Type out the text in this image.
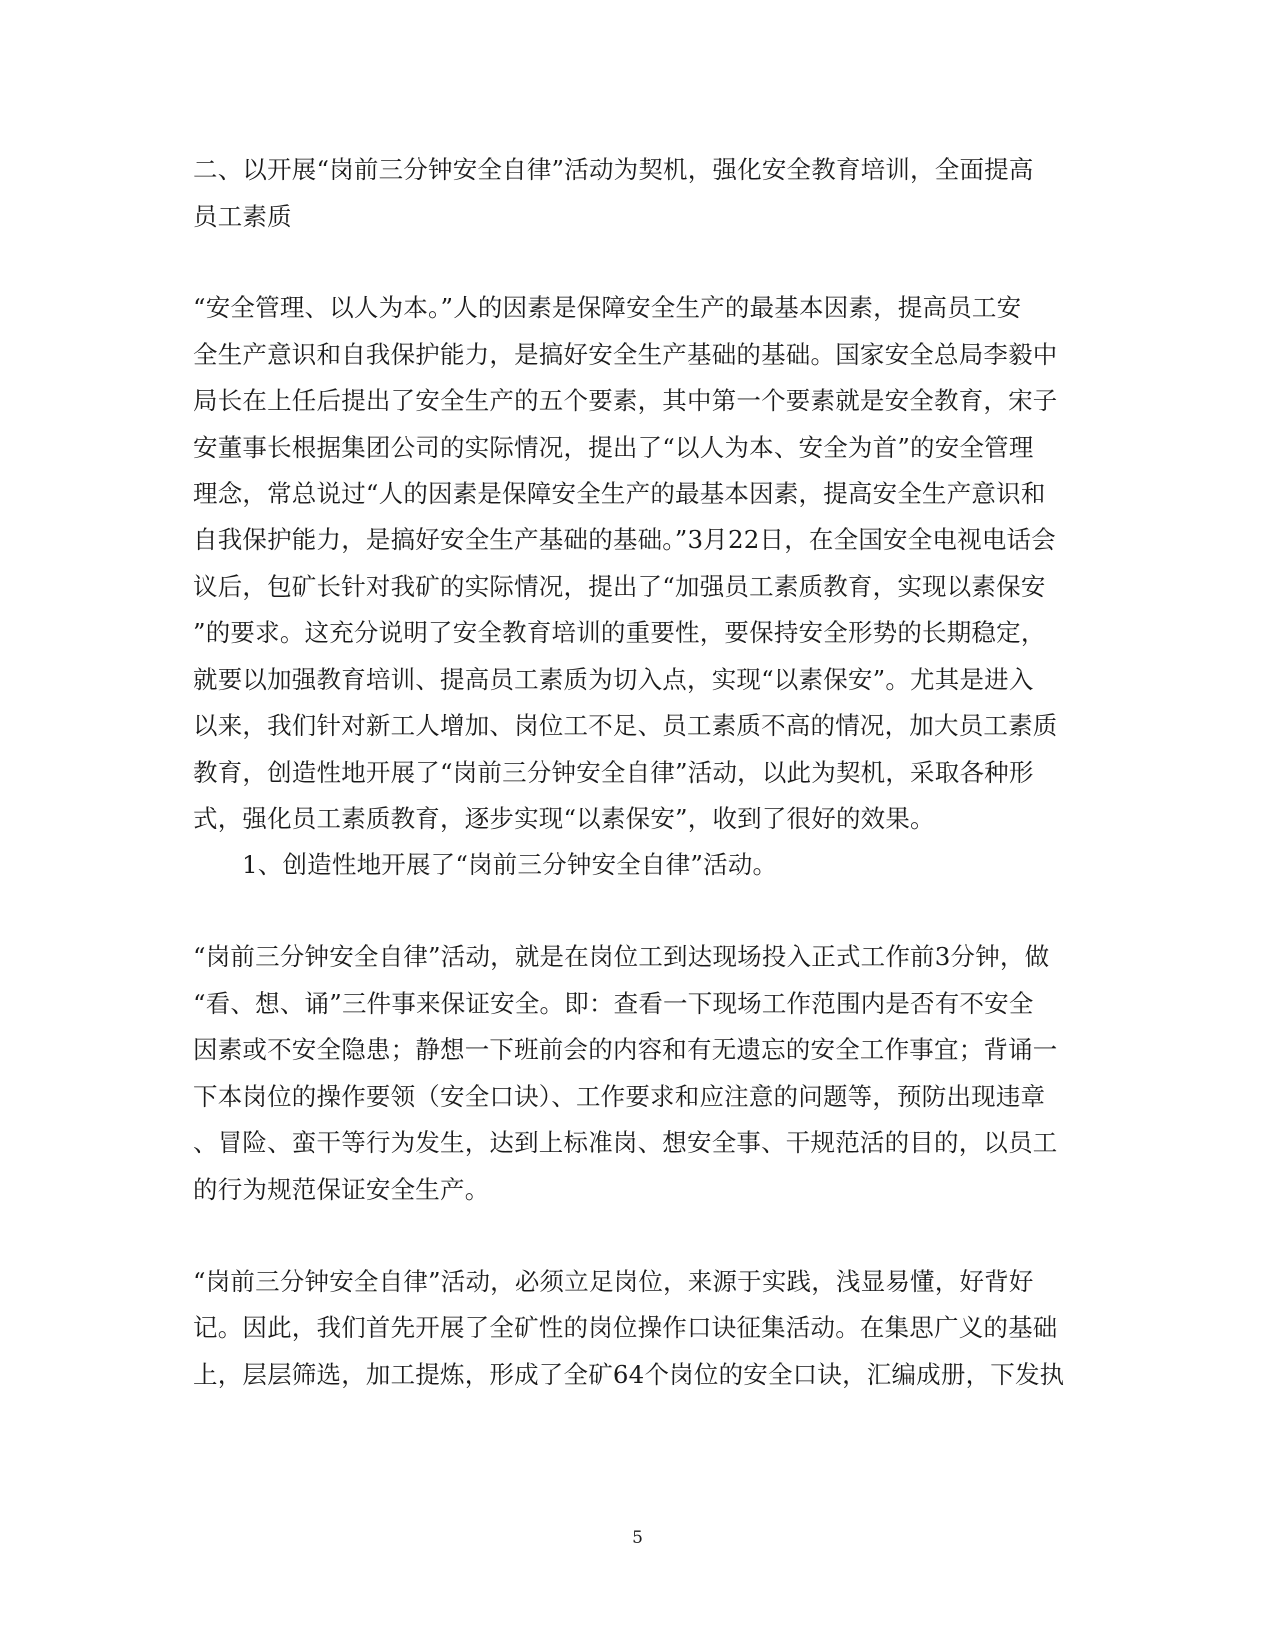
二、以开展“岗前三分钟安全自律”活动为契机，强化安全教育培训，全面提高
员工素质
“安全管理、以人为本。”人的因素是保障安全生产的最基本因素，提高员工安
全生产意识和自我保护能力，是搞好安全生产基础的基础。国家安全总局李毅中
局长在上任后提出了安全生产的五个要素，其中第一个要素就是安全教育，宋子
安董事长根据集团公司的实际情况，提出了“以人为本、安全为首”的安全管理
理念，常总说过“人的因素是保障安全生产的最基本因素，提高安全生产意识和
自我保护能力，是搞好安全生产基础的基础。”3月22日，在全国安全电视电话会
议后，包矿长针对我矿的实际情况，提出了“加强员工素质教育，实现以素保安
”的要求。这充分说明了安全教育培训的重要性，要保持安全形势的长期稳定，
就要以加强教育培训、提高员工素质为切入点，实现“以素保安”。尤其是进入
以来，我们针对新工人增加、岗位工不足、员工素质不高的情况，加大员工素质
教育，创造性地开展了“岗前三分钟安全自律”活动，以此为契机，采取各种形
式，强化员工素质教育，逐步实现“以素保安”，收到了很好的效果。
1、创造性地开展了“岗前三分钟安全自律”活动。
“岗前三分钟安全自律”活动，就是在岗位工到达现场投入正式工作前3分钟，做
“看、想、诵”三件事来保证安全。即：查看一下现场工作范围内是否有不安全
因素或不安全隐患；静想一下班前会的内容和有无遗忘的安全工作事宜；背诵一
下本岗位的操作要领（安全口诀）、工作要求和应注意的问题等，预防出现违章
、冒险、蛮干等行为发生，达到上标准岗、想安全事、干规范活的目的，以员工
的行为规范保证安全生产。
“岗前三分钟安全自律”活动，必须立足岗位，来源于实践，浅显易懂，好背好
记。因此，我们首先开展了全矿性的岗位操作口诀征集活动。在集思广义的基础
上，层层筛选，加工提炼，形成了全矿64个岗位的安全口诀，汇编成册，下发执
5
